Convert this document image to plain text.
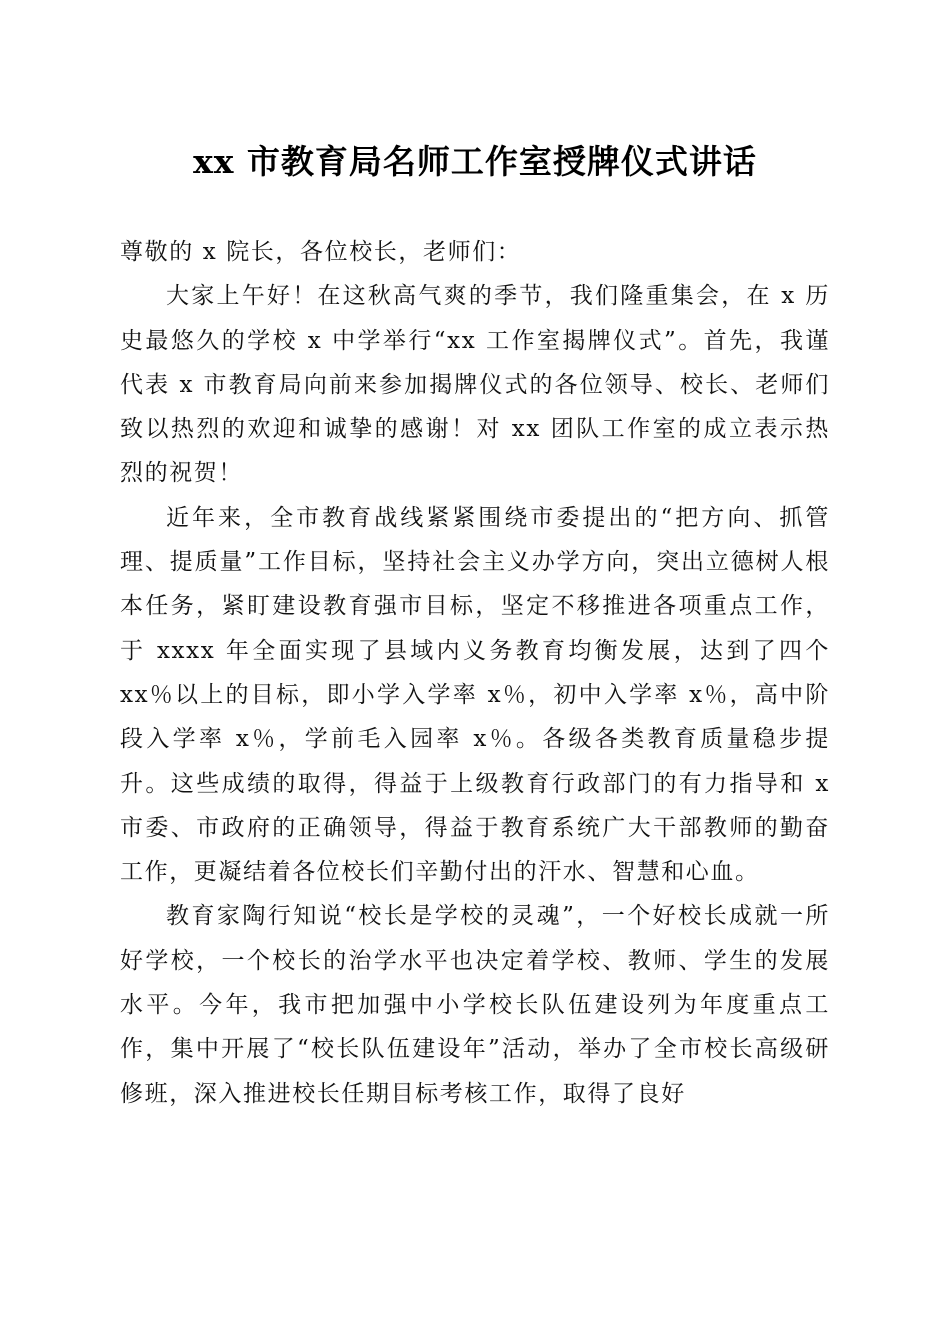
xx 市教育局名师工作室授牌仪式讲话

尊敬的 x 院长，各位校长，老师们：

大家上午好！在这秋高气爽的季节，我们隆重集会，在 x 历史最悠久的学校 x 中学举行“xx 工作室揭牌仪式”。首先，我谨代表 x 市教育局向前来参加揭牌仪式的各位领导、校长、老师们致以热烈的欢迎和诚挚的感谢！对 xx 团队工作室的成立表示热烈的祝贺！

近年来，全市教育战线紧紧围绕市委提出的“把方向、抓管理、提质量”工作目标，坚持社会主义办学方向，突出立德树人根本任务，紧盯建设教育强市目标，坚定不移推进各项重点工作，于 xxxx 年全面实现了县域内义务教育均衡发展，达到了四个 xx％以上的目标，即小学入学率 x％，初中入学率 x％，高中阶段入学率 x％，学前毛入园率 x％。各级各类教育质量稳步提升。这些成绩的取得，得益于上级教育行政部门的有力指导和 x 市委、市政府的正确领导，得益于教育系统广大干部教师的勤奋工作，更凝结着各位校长们辛勤付出的汗水、智慧和心血。

教育家陶行知说“校长是学校的灵魂”，一个好校长成就一所好学校，一个校长的治学水平也决定着学校、教师、学生的发展水平。今年，我市把加强中小学校长队伍建设列为年度重点工作，集中开展了“校长队伍建设年”活动，举办了全市校长高级研修班，深入推进校长任期目标考核工作，取得了良好
